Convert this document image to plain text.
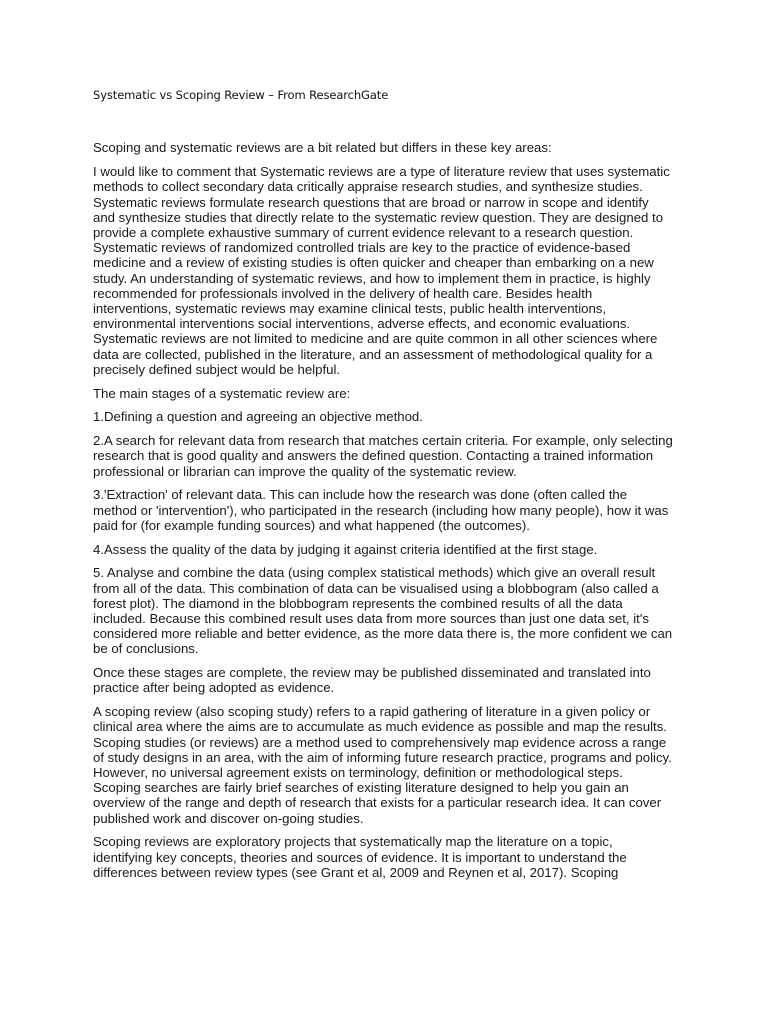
Systematic vs Scoping Review – From ResearchGate

Scoping and systematic reviews are a bit related but differs in these key areas:

I would like to comment that Systematic reviews are a type of literature review that uses systematic methods to collect secondary data critically appraise research studies, and synthesize studies. Systematic reviews formulate research questions that are broad or narrow in scope and identify and synthesize studies that directly relate to the systematic review question. They are designed to provide a complete exhaustive summary of current evidence relevant to a research question. Systematic reviews of randomized controlled trials are key to the practice of evidence-based medicine and a review of existing studies is often quicker and cheaper than embarking on a new study. An understanding of systematic reviews, and how to implement them in practice, is highly recommended for professionals involved in the delivery of health care. Besides health interventions, systematic reviews may examine clinical tests, public health interventions, environmental interventions social interventions, adverse effects, and economic evaluations. Systematic reviews are not limited to medicine and are quite common in all other sciences where data are collected, published in the literature, and an assessment of methodological quality for a precisely defined subject would be helpful.

The main stages of a systematic review are:

1.Defining a question and agreeing an objective method.

2.A search for relevant data from research that matches certain criteria. For example, only selecting research that is good quality and answers the defined question. Contacting a trained information professional or librarian can improve the quality of the systematic review.

3.'Extraction' of relevant data. This can include how the research was done (often called the method or 'intervention'), who participated in the research (including how many people), how it was paid for (for example funding sources) and what happened (the outcomes).

4.Assess the quality of the data by judging it against criteria identified at the first stage.

5. Analyse and combine the data (using complex statistical methods) which give an overall result from all of the data. This combination of data can be visualised using a blobbogram (also called a forest plot). The diamond in the blobbogram represents the combined results of all the data included. Because this combined result uses data from more sources than just one data set, it's considered more reliable and better evidence, as the more data there is, the more confident we can be of conclusions.

Once these stages are complete, the review may be published disseminated and translated into practice after being adopted as evidence.

A scoping review (also scoping study) refers to a rapid gathering of literature in a given policy or clinical area where the aims are to accumulate as much evidence as possible and map the results. Scoping studies (or reviews) are a method used to comprehensively map evidence across a range of study designs in an area, with the aim of informing future research practice, programs and policy. However, no universal agreement exists on terminology, definition or methodological steps. Scoping searches are fairly brief searches of existing literature designed to help you gain an overview of the range and depth of research that exists for a particular research idea. It can cover published work and discover on-going studies.

Scoping reviews are exploratory projects that systematically map the literature on a topic, identifying key concepts, theories and sources of evidence. It is important to understand the differences between review types (see Grant et al, 2009 and Reynen et al, 2017). Scoping
